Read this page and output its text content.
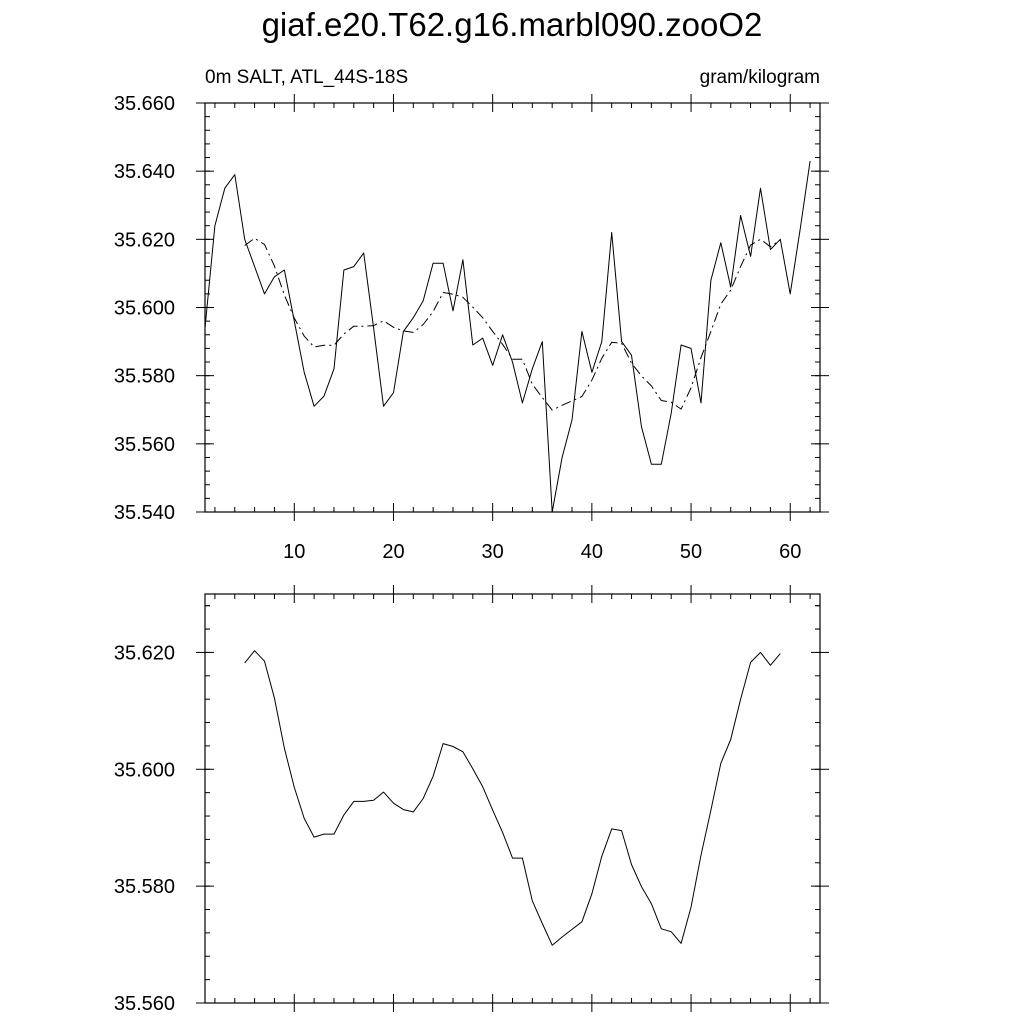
giaf.e20.T62.g16.marbl090.zooO2
10	20	30	40	50	60
35.540
35.560
35.580
35.600
35.620
35.640
35.660
0m SALT, ATL_44S-18S	gram/kilogram
35.560
35.580
35.600
35.620
